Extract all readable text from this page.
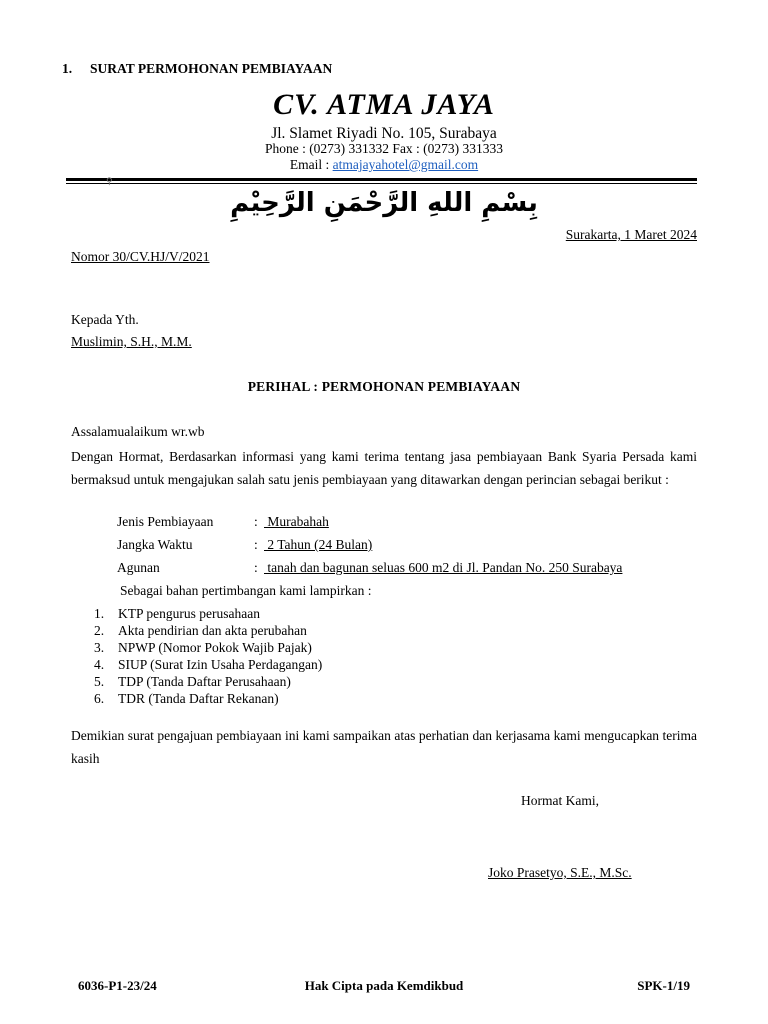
1. SURAT PERMOHONAN PEMBIAYAAN
CV. ATMA JAYA
Jl. Slamet Riyadi No. 105, Surabaya
Phone : (0273) 331332 Fax : (0273) 331333
Email : atmajayahotel@gmail.com
⚲
بِسْمِ اللهِ الرَّحْمَنِ الرَّحِيْمِ
Surakarta, 1 Maret 2024
Nomor 30/CV.HJ/V/2021
Kepada Yth.
Muslimin, S.H., M.M.
PERIHAL : PERMOHONAN PEMBIAYAAN
Assalamualaikum wr.wb
Dengan Hormat, Berdasarkan informasi yang kami terima tentang jasa pembiayaan Bank Syaria Persada kami bermaksud untuk mengajukan salah satu jenis pembiayaan yang ditawarkan dengan perincian sebagai berikut :
Jenis Pembiayaan	: Murabahah
Jangka Waktu	: 2 Tahun (24 Bulan)
Agunan	: tanah dan bagunan seluas 600 m2 di Jl. Pandan No. 250 Surabaya
Sebagai bahan pertimbangan kami lampirkan :
1. KTP pengurus perusahaan
2. Akta pendirian dan akta perubahan
3. NPWP (Nomor Pokok Wajib Pajak)
4. SIUP (Surat Izin Usaha Perdagangan)
5. TDP (Tanda Daftar Perusahaan)
6. TDR (Tanda Daftar Rekanan)
Demikian surat pengajuan pembiayaan ini kami sampaikan atas perhatian dan kerjasama kami mengucapkan terima kasih
Hormat Kami,
Joko Prasetyo, S.E., M.Sc.
6036-P1-23/24	Hak Cipta pada Kemdikbud	SPK-1/19
